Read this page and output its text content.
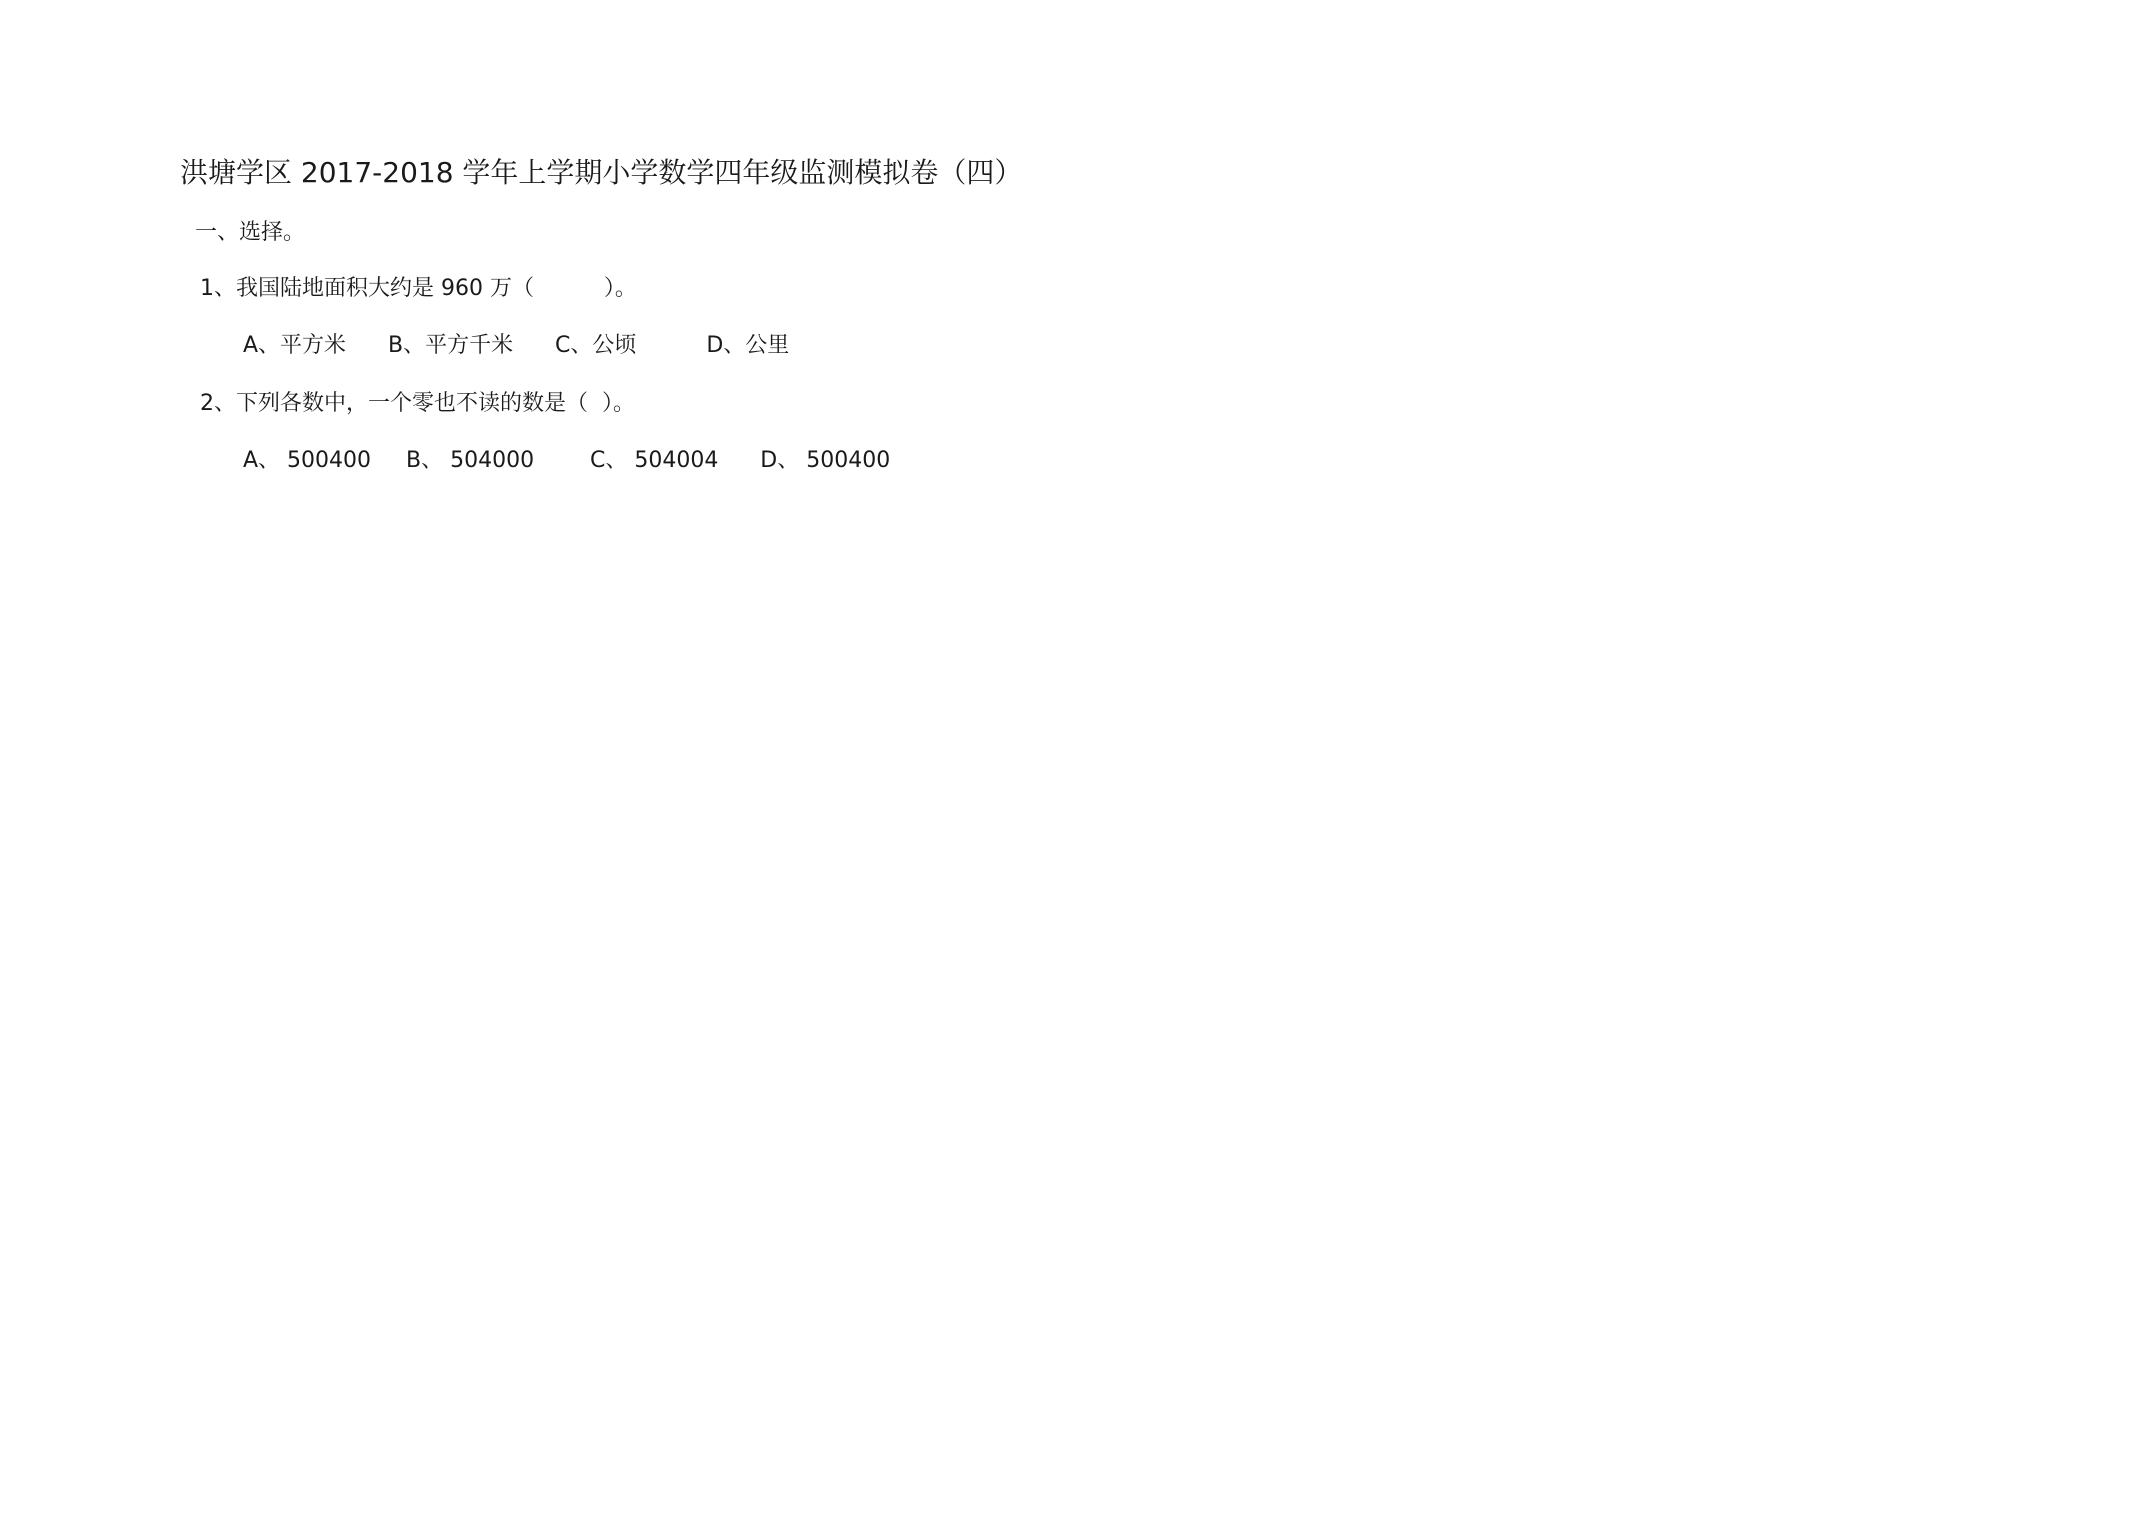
洪塘学区 2017-2018 学年上学期小学数学四年级监测模拟卷（四）
一、选择。
1、我国陆地面积大约是 960 万（          ）。
A、平方米      B、平方千米      C、公顷          D、公里
2、下列各数中，一个零也不读的数是（  ）。
A、 500400     B、 504000        C、 504004      D、 500400
